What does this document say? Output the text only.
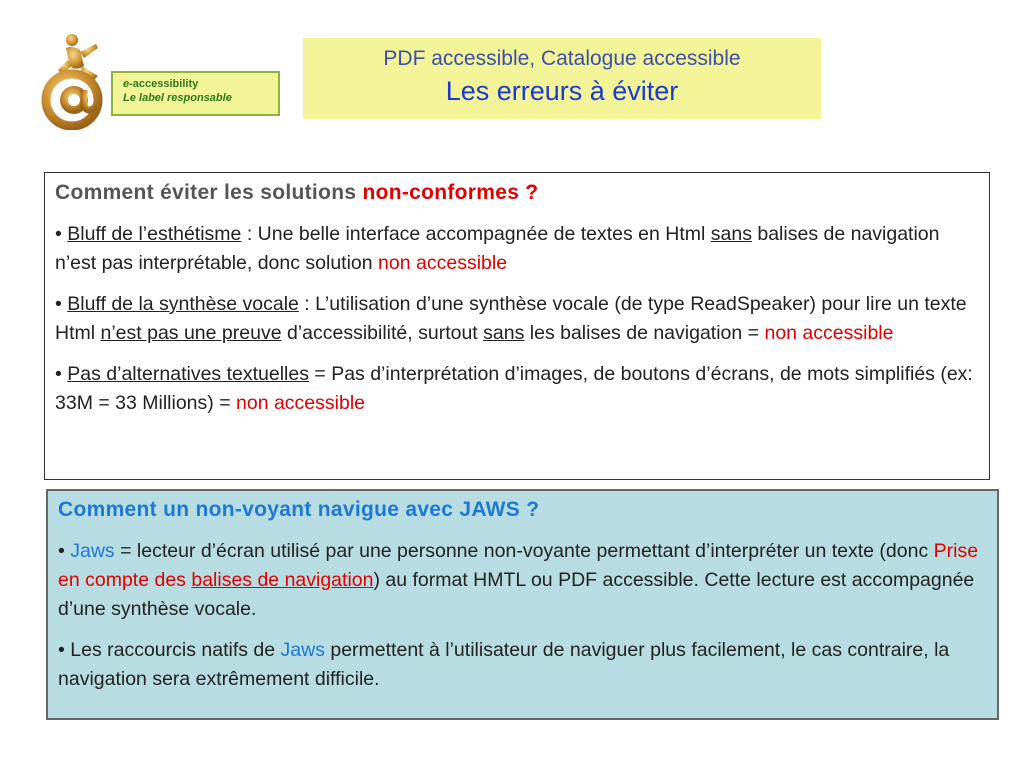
e-accessibility
Le label responsable
PDF accessible, Catalogue accessible
Les erreurs à éviter

Comment éviter les solutions non-conformes ?

• Bluff de l’esthétisme : Une belle interface accompagnée de textes en Html sans balises de navigation n’est pas interprétable, donc solution non accessible

• Bluff de la synthèse vocale : L’utilisation d’une synthèse vocale (de type ReadSpeaker) pour lire un texte Html n’est pas une preuve d’accessibilité, surtout sans les balises de navigation = non accessible

• Pas d’alternatives textuelles = Pas d’interprétation d’images, de boutons d’écrans, de mots simplifiés (ex: 33M = 33 Millions) = non accessible

Comment un non-voyant navigue avec JAWS ?

• Jaws = lecteur d’écran utilisé par une personne non-voyante permettant d’interpréter un texte (donc Prise en compte des balises de navigation) au format HMTL ou PDF accessible. Cette lecture est accompagnée d’une synthèse vocale.

• Les raccourcis natifs de Jaws permettent à l’utilisateur de naviguer plus facilement, le cas contraire, la navigation sera extrêmement difficile.
